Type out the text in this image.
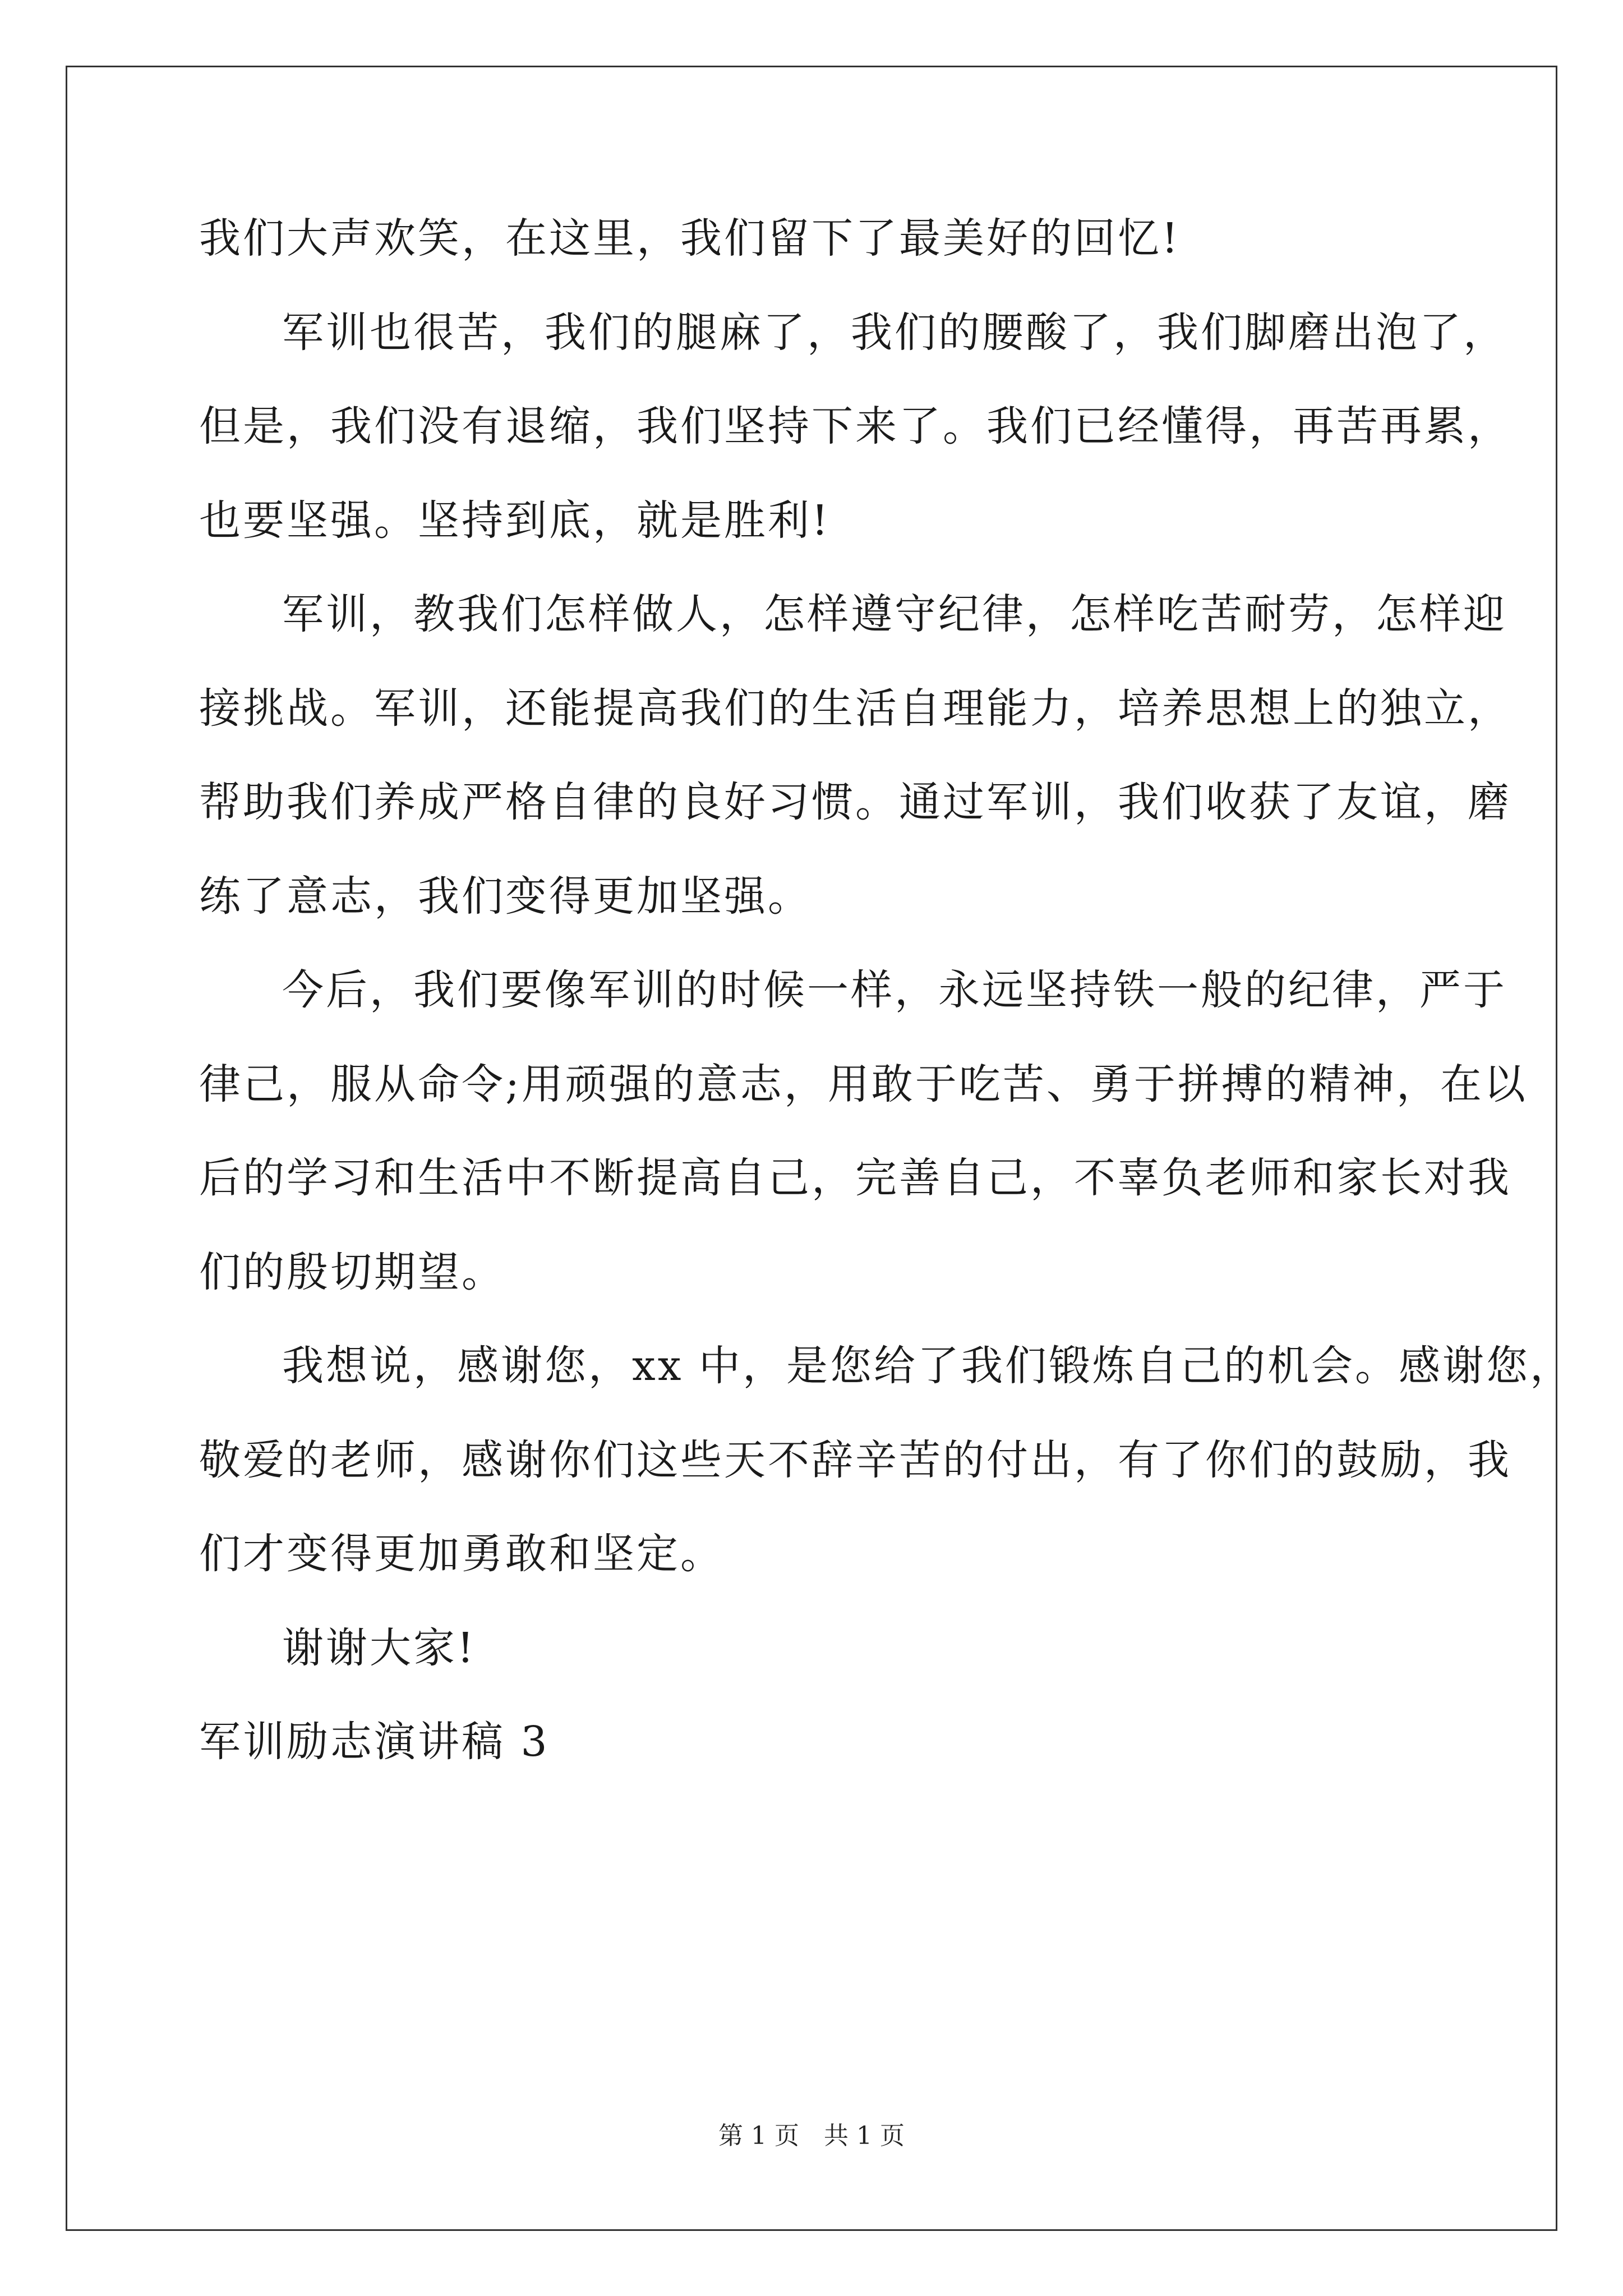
我们大声欢笑，在这里，我们留下了最美好的回忆!
军训也很苦，我们的腿麻了，我们的腰酸了，我们脚磨出泡了，
但是，我们没有退缩，我们坚持下来了。我们已经懂得，再苦再累，
也要坚强。坚持到底，就是胜利!
军训，教我们怎样做人，怎样遵守纪律，怎样吃苦耐劳，怎样迎
接挑战。军训，还能提高我们的生活自理能力，培养思想上的独立，
帮助我们养成严格自律的良好习惯。通过军训，我们收获了友谊，磨
练了意志，我们变得更加坚强。
今后，我们要像军训的时候一样，永远坚持铁一般的纪律，严于
律己，服从命令;用顽强的意志，用敢于吃苦、勇于拼搏的精神，在以
后的学习和生活中不断提高自己，完善自己，不辜负老师和家长对我
们的殷切期望。
我想说，感谢您，xx 中，是您给了我们锻炼自己的机会。感谢您，
敬爱的老师，感谢你们这些天不辞辛苦的付出，有了你们的鼓励，我
们才变得更加勇敢和坚定。
谢谢大家!
军训励志演讲稿 3
第 1 页 共 1 页
